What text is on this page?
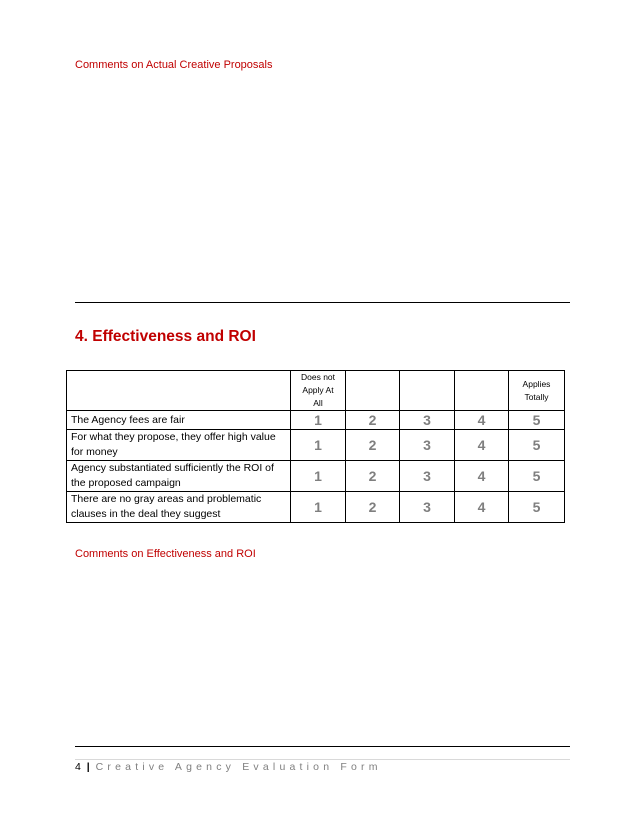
Comments on Actual Creative Proposals
4. Effectiveness and ROI
	Does not
Apply At
All				Applies
Totally
The Agency fees are fair	1	2	3	4	5
For what they propose, they offer high value for money	1	2	3	4	5
Agency substantiated sufficiently the ROI of the proposed campaign	1	2	3	4	5
There are no gray areas and problematic clauses in the deal they suggest	1	2	3	4	5
Comments on Effectiveness and ROI
4 | Creative Agency Evaluation Form
